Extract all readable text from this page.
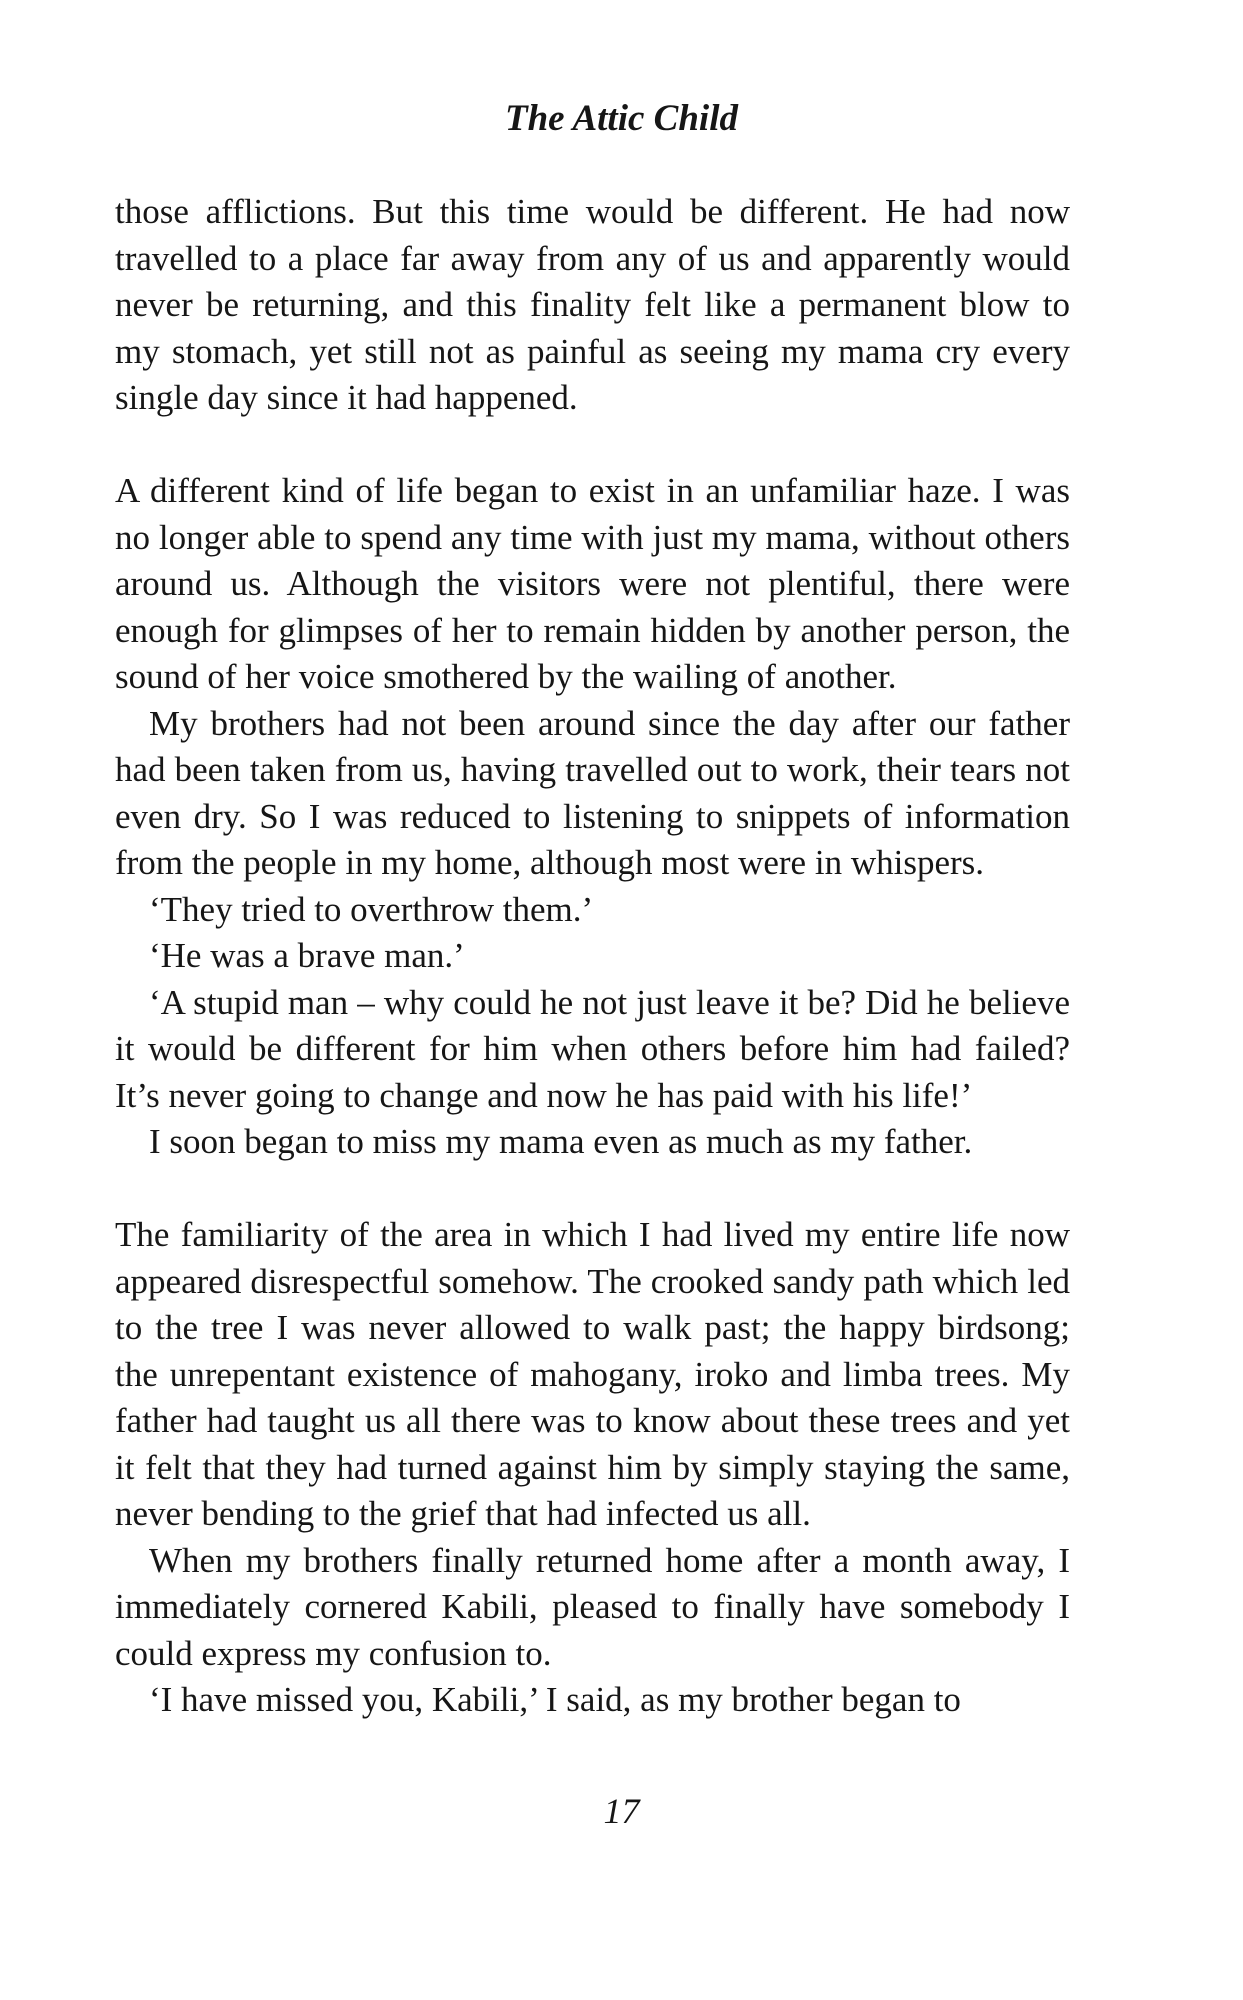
The Attic Child

those afflictions. But this time would be different. He had now travelled to a place far away from any of us and apparently would never be returning, and this finality felt like a permanent blow to my stomach, yet still not as painful as seeing my mama cry every single day since it had happened.

A different kind of life began to exist in an unfamiliar haze. I was no longer able to spend any time with just my mama, without others around us. Although the visitors were not plentiful, there were enough for glimpses of her to remain hidden by another person, the sound of her voice smothered by the wailing of another.

My brothers had not been around since the day after our father had been taken from us, having travelled out to work, their tears not even dry. So I was reduced to listening to snippets of information from the people in my home, although most were in whispers.

‘They tried to overthrow them.’

‘He was a brave man.’

‘A stupid man – why could he not just leave it be? Did he believe it would be different for him when others before him had failed? It’s never going to change and now he has paid with his life!’

I soon began to miss my mama even as much as my father.

The familiarity of the area in which I had lived my entire life now appeared disrespectful somehow. The crooked sandy path which led to the tree I was never allowed to walk past; the happy birdsong; the unrepentant existence of mahogany, iroko and limba trees. My father had taught us all there was to know about these trees and yet it felt that they had turned against him by simply staying the same, never bending to the grief that had infected us all.

When my brothers finally returned home after a month away, I immediately cornered Kabili, pleased to finally have somebody I could express my confusion to.

‘I have missed you, Kabili,’ I said, as my brother began to

17
